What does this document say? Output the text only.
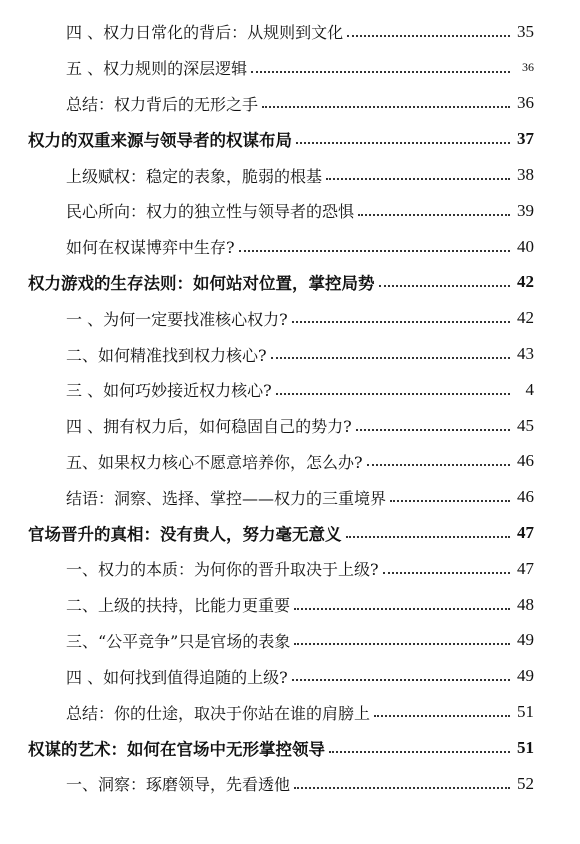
四 、权力日常化的背后：从规则到文化	35
五 、权力规则的深层逻辑	36
总结：权力背后的无形之手	36
权力的双重来源与领导者的权谋布局	37
上级赋权：稳定的表象，脆弱的根基	38
民心所向：权力的独立性与领导者的恐惧	39
如何在权谋博弈中生存?	40
权力游戏的生存法则：如何站对位置，掌控局势	42
一 、为何一定要找准核心权力?	42
二、如何精准找到权力核心?	43
三 、如何巧妙接近权力核心?	4
四 、拥有权力后，如何稳固自己的势力?	45
五、如果权力核心不愿意培养你，怎么办?	46
结语：洞察、选择、掌控——权力的三重境界	46
官场晋升的真相：没有贵人，努力毫无意义	47
一、权力的本质：为何你的晋升取决于上级?	47
二、上级的扶持，比能力更重要	48
三、“公平竞争”只是官场的表象	49
四 、如何找到值得追随的上级?	49
总结：你的仕途，取决于你站在谁的肩膀上	51
权谋的艺术：如何在官场中无形掌控领导	51
一、洞察：琢磨领导，先看透他	52
